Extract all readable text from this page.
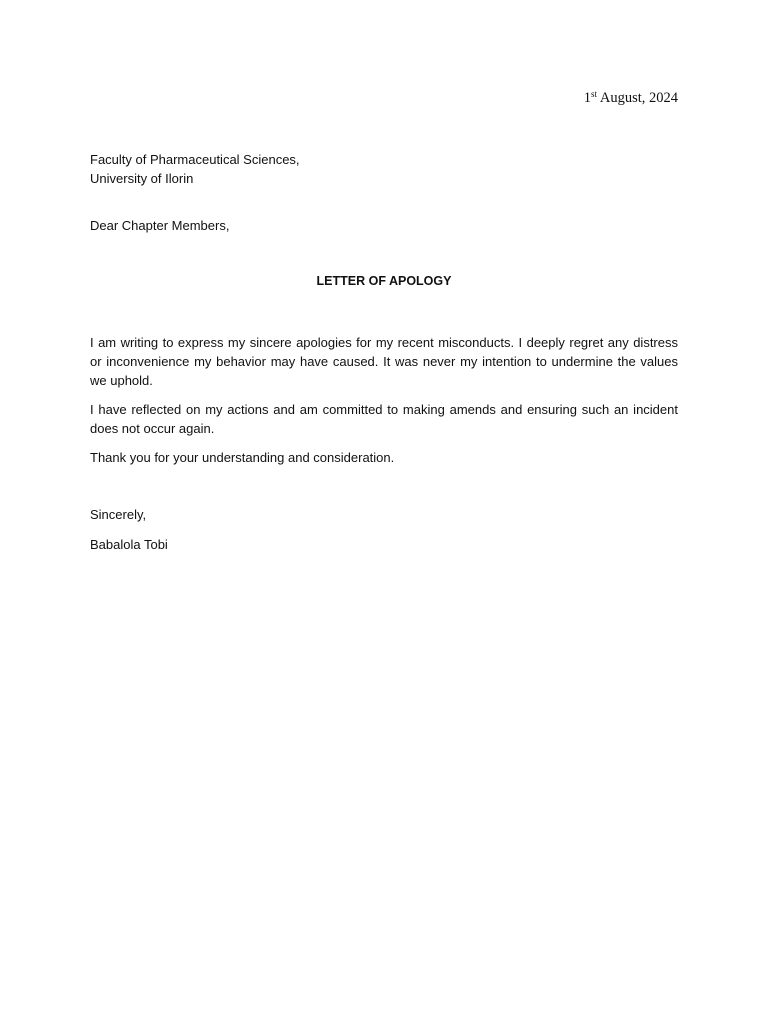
1st August, 2024
Faculty of Pharmaceutical Sciences,
University of Ilorin
Dear Chapter Members,
LETTER OF APOLOGY

I am writing to express my sincere apologies for my recent misconducts. I deeply regret any distress or inconvenience my behavior may have caused. It was never my intention to undermine the values we uphold.

I have reflected on my actions and am committed to making amends and ensuring such an incident does not occur again.

Thank you for your understanding and consideration.

Sincerely,
Babalola Tobi
